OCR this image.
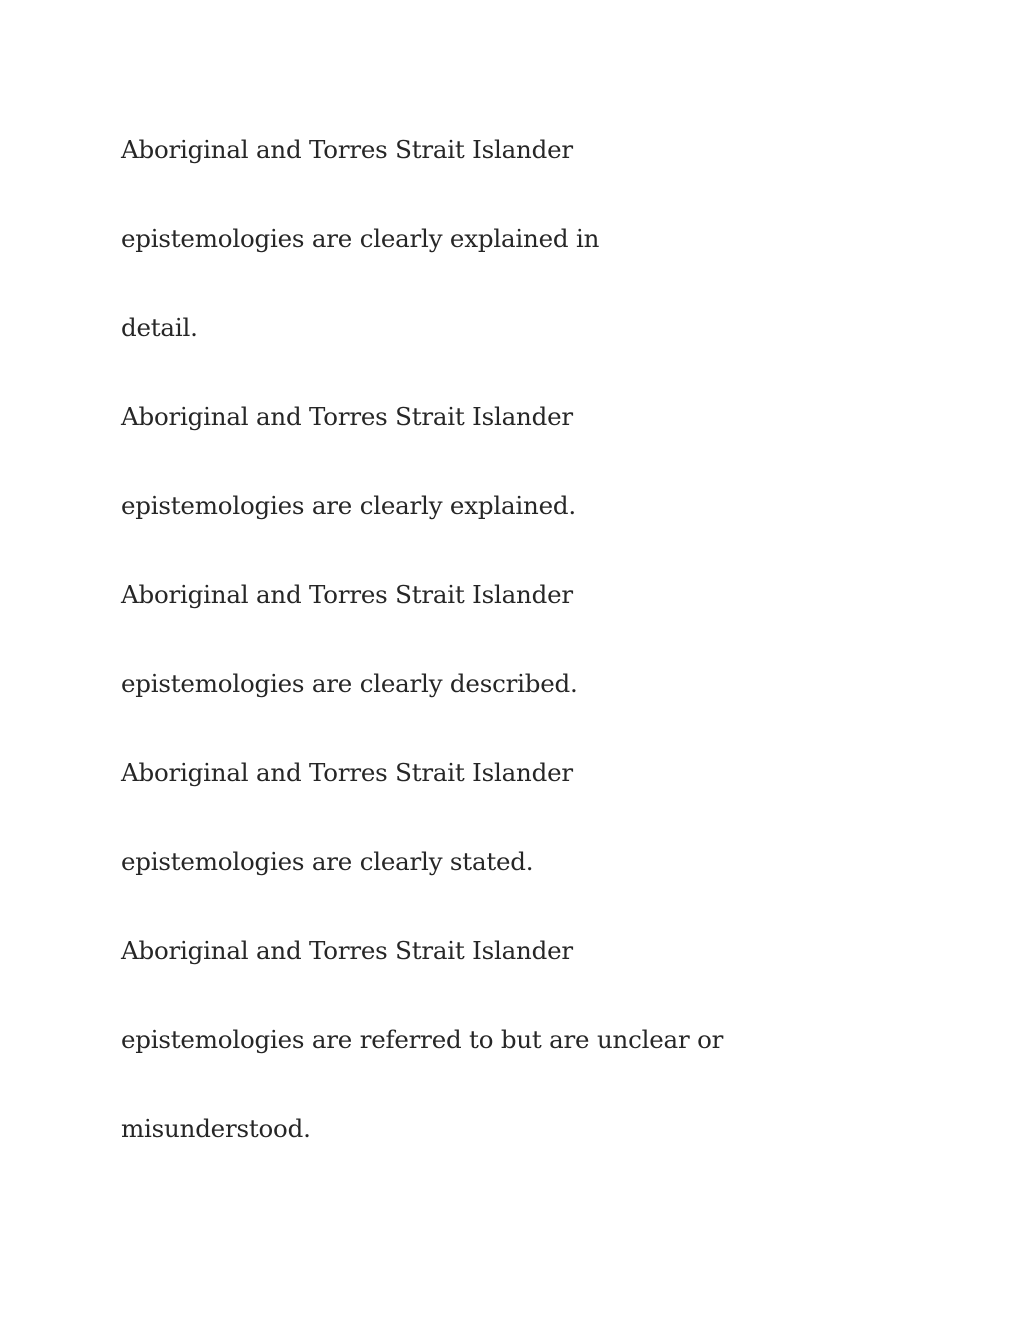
Aboriginal and Torres Strait Islander
epistemologies are clearly explained in
detail.
Aboriginal and Torres Strait Islander
epistemologies are clearly explained.
Aboriginal and Torres Strait Islander
epistemologies are clearly described.
Aboriginal and Torres Strait Islander
epistemologies are clearly stated.
Aboriginal and Torres Strait Islander
epistemologies are referred to but are unclear or
misunderstood.
